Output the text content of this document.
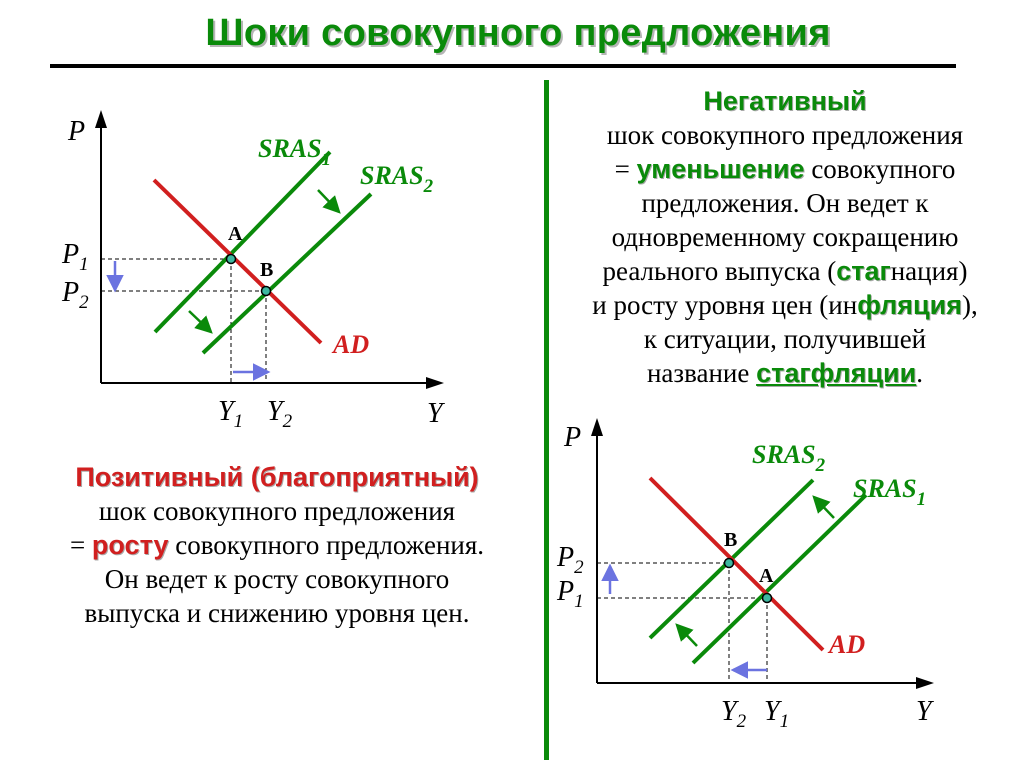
Шоки совокупного предложения
P
Y
$SRAS_1$
$SRAS_2$
AD
A
B
$P_1$
$P_2$
$Y_1$ $Y_2$
P
Y
$SRAS_2$
$SRAS_1$
AD
B
A
$P_2$
$P_1$
$Y_2$ $Y_1$
Негативный
шок совокупного предложения
= уменьшение совокупного
предложения. Он ведет к
одновременному сокращению
реального выпуска (стагнация)
и росту уровня цен (инфляция),
к ситуации, получившей
название стагфляции.
Позитивный (благоприятный)
шок совокупного предложения
= росту совокупного предложения.
Он ведет к росту совокупного
выпуска и снижению уровня цен.
